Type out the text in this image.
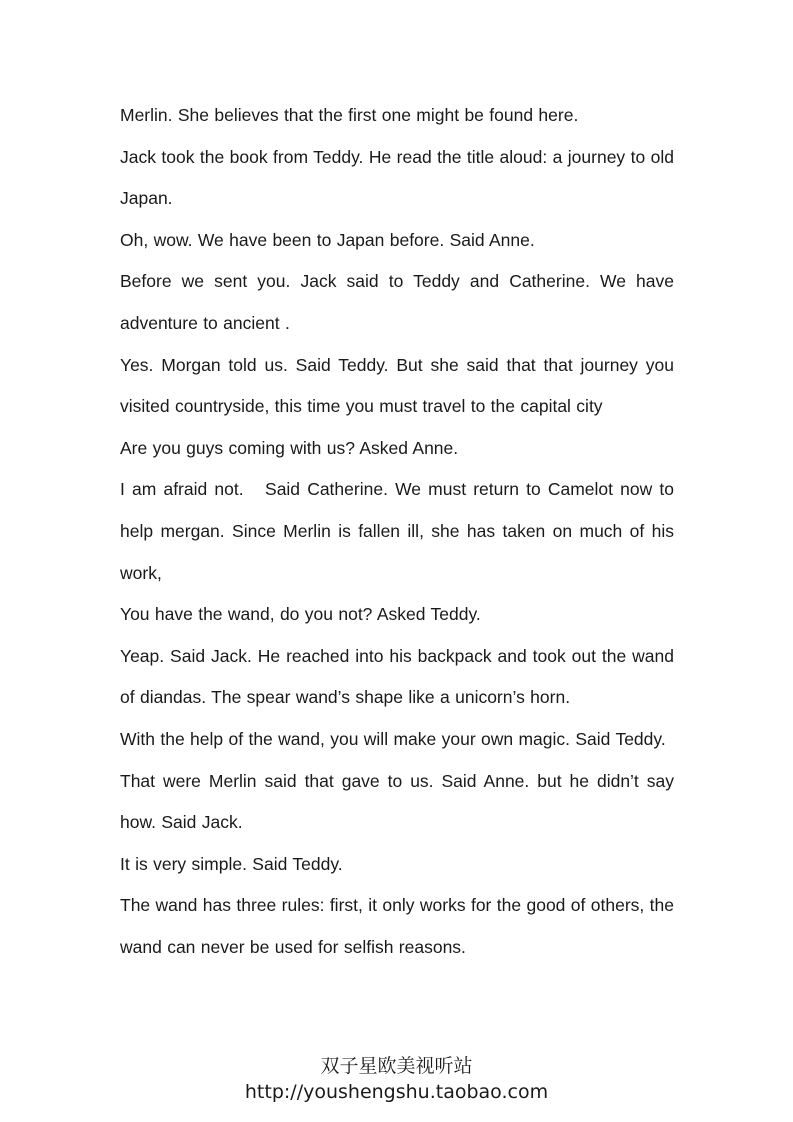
Merlin. She believes that the first one might be found here.

Jack took the book from Teddy. He read the title aloud: a journey to old Japan.

Oh, wow. We have been to Japan before. Said Anne.

Before we sent you. Jack said to Teddy and Catherine. We have adventure to ancient .

Yes. Morgan told us. Said Teddy. But she said that that journey you visited countryside, this time you must travel to the capital city

Are you guys coming with us? Asked Anne.

I am afraid not.   Said Catherine. We must return to Camelot now to help mergan. Since Merlin is fallen ill, she has taken on much of his work,

You have the wand, do you not? Asked Teddy.

Yeap. Said Jack. He reached into his backpack and took out the wand of diandas. The spear wand’s shape like a unicorn’s horn.

With the help of the wand, you will make your own magic. Said Teddy.

That were Merlin said that gave to us. Said Anne. but he didn’t say how. Said Jack.

It is very simple. Said Teddy.

The wand has three rules: first, it only works for the good of others, the wand can never be used for selfish reasons.

双子星欧美视听站
http://youshengshu.taobao.com
